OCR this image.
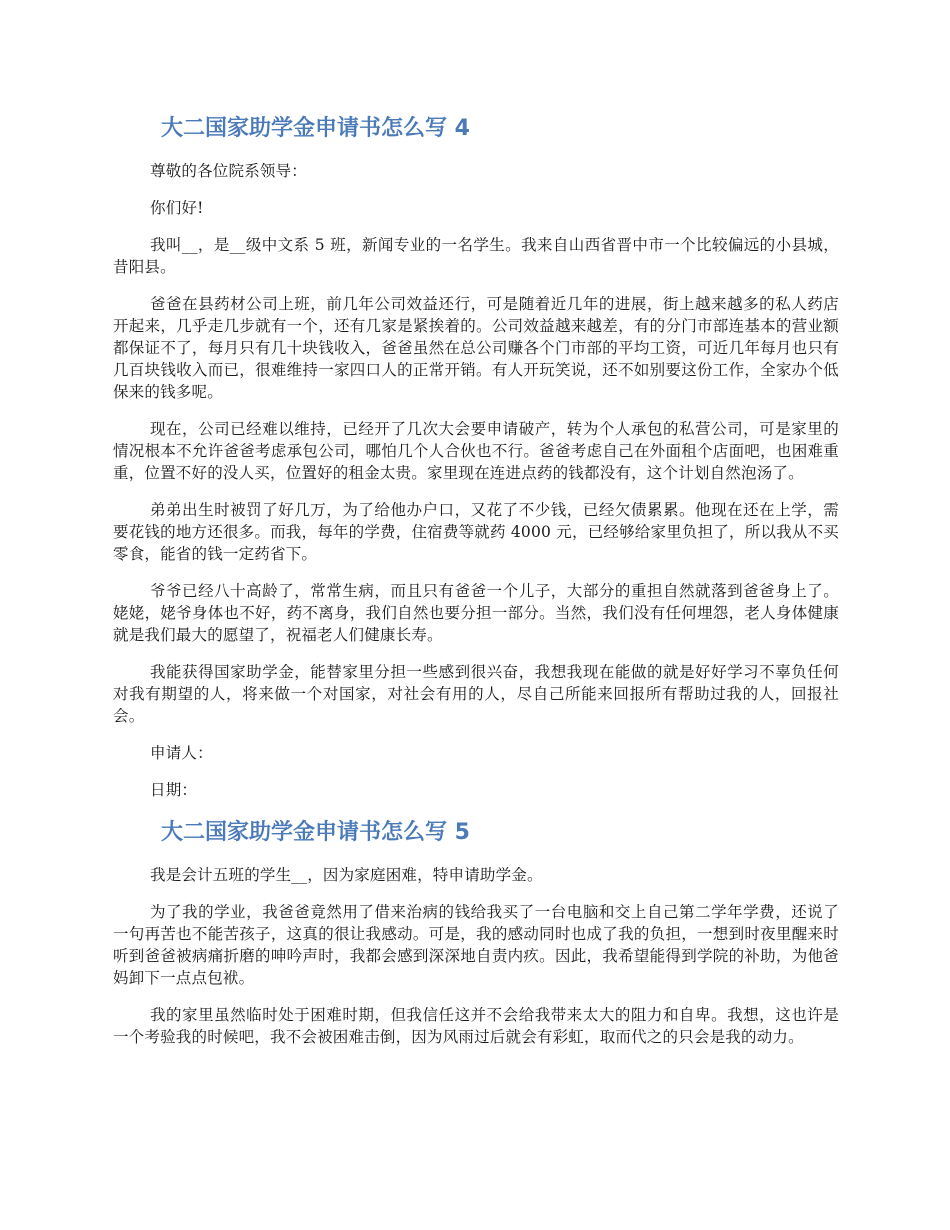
大二国家助学金申请书怎么写 4

尊敬的各位院系领导：

你们好!

我叫__，是__级中文系 5 班，新闻专业的一名学生。我来自山西省晋中市一个比较偏远的小县城，昔阳县。

爸爸在县药材公司上班，前几年公司效益还行，可是随着近几年的进展，街上越来越多的私人药店开起来，几乎走几步就有一个，还有几家是紧挨着的。公司效益越来越差，有的分门市部连基本的营业额都保证不了，每月只有几十块钱收入，爸爸虽然在总公司赚各个门市部的平均工资，可近几年每月也只有几百块钱收入而已，很难维持一家四口人的正常开销。有人开玩笑说，还不如别要这份工作，全家办个低保来的钱多呢。

现在，公司已经难以维持，已经开了几次大会要申请破产，转为个人承包的私营公司，可是家里的情况根本不允许爸爸考虑承包公司，哪怕几个人合伙也不行。爸爸考虑自己在外面租个店面吧，也困难重重，位置不好的没人买，位置好的租金太贵。家里现在连进点药的钱都没有，这个计划自然泡汤了。

弟弟出生时被罚了好几万，为了给他办户口，又花了不少钱，已经欠债累累。他现在还在上学，需要花钱的地方还很多。而我，每年的学费，住宿费等就药 4000 元，已经够给家里负担了，所以我从不买零食，能省的钱一定药省下。

爷爷已经八十高龄了，常常生病，而且只有爸爸一个儿子，大部分的重担自然就落到爸爸身上了。姥姥，姥爷身体也不好，药不离身，我们自然也要分担一部分。当然，我们没有任何埋怨，老人身体健康就是我们最大的愿望了，祝福老人们健康长寿。

我能获得国家助学金，能替家里分担一些感到很兴奋，我想我现在能做的就是好好学习不辜负任何对我有期望的人，将来做一个对国家，对社会有用的人，尽自己所能来回报所有帮助过我的人，回报社会。

申请人：

日期：

大二国家助学金申请书怎么写 5

我是会计五班的学生__，因为家庭困难，特申请助学金。

为了我的学业，我爸爸竟然用了借来治病的钱给我买了一台电脑和交上自己第二学年学费，还说了一句再苦也不能苦孩子，这真的很让我感动。可是，我的感动同时也成了我的负担，一想到时夜里醒来时听到爸爸被病痛折磨的呻吟声时，我都会感到深深地自责内疚。因此，我希望能得到学院的补助，为他爸妈卸下一点点包袱。

我的家里虽然临时处于困难时期，但我信任这并不会给我带来太大的阻力和自卑。我想，这也许是一个考验我的时候吧，我不会被困难击倒，因为风雨过后就会有彩虹，取而代之的只会是我的动力。
